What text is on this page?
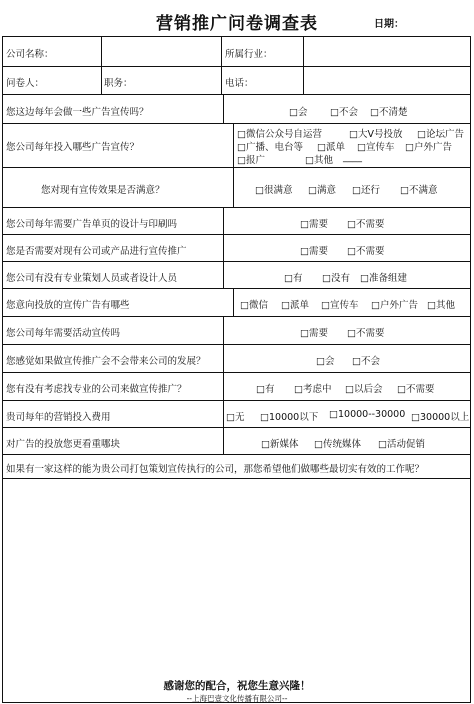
营销推广问卷调查表	日期：
公司名称：	所属行业：
问卷人：	职务：	电话：
您这边每年会做一些广告宣传吗？	□会 □不会 □不清楚
您公司每年投入哪些广告宣传？
□微信公众号自运营	□大V号投放 □论坛广告
□广播、电台等 □派单 □宣传车 □户外广告
□报广	□其他 ____
您对现有宣传效果是否满意？	□很满意 □满意 □还行 □不满意
您公司每年需要广告单页的设计与印刷吗	□需要 □不需要
您是否需要对现有公司或产品进行宣传推广	□需要 □不需要
您公司有没有专业策划人员或者设计人员	□有 □没有 □准备组建
您意向投放的宣传广告有哪些	□微信 □派单 □宣传车 □户外广告 □其他
您公司每年需要活动宣传吗	□需要 □不需要
您感觉如果做宣传推广会不会带来公司的发展？	□会 □不会
您有没有考虑找专业的公司来做宣传推广？	□有 □考虑中 □以后会 □不需要
贵司每年的营销投入费用	□无 □10000以下 □10000--30000 □30000以上
对广告的投放您更看重哪块	□新媒体 □传统媒体 □活动促销
如果有一家这样的能为贵公司打包策划宣传执行的公司，那您希望他们做哪些最切实有效的工作呢？
感谢您的配合，祝您生意兴隆！
--上海巴壹文化传播有限公司--
